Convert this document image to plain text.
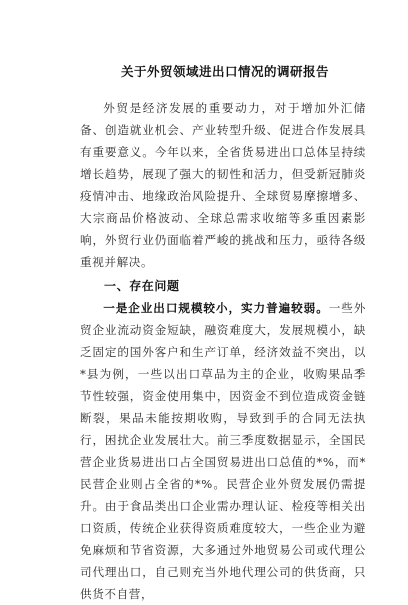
关于外贸领域进出口情况的调研报告

外贸是经济发展的重要动力，对于增加外汇储备、创造就业机会、产业转型升级、促进合作发展具有重要意义。今年以来，全省货易进出口总体呈持续增长趋势，展现了强大的韧性和活力，但受新冠肺炎疫情冲击、地缘政治风险提升、全球贸易摩擦增多、大宗商品价格波动、全球总需求收缩等多重因素影响，外贸行业仍面临着严峻的挑战和压力，亟待各级重视并解决。

一、存在问题

一是企业出口规模较小，实力普遍较弱。一些外贸企业流动资金短缺，融资难度大，发展规模小，缺乏固定的国外客户和生产订单，经济效益不突出，以*县为例，一些以出口草品为主的企业，收购果品季节性较强，资金使用集中，因资金不到位造成资金链断裂，果品未能按期收购，导致到手的合同无法执行，困扰企业发展壮大。前三季度数据显示，全国民营企业货易进出口占全国贸易进出口总值的*%，而*民营企业则占全省的*%。民营企业外贸发展仍需提升。由于食品类出口企业需办理认证、检疫等相关出口资质，传统企业获得资质难度较大，一些企业为避免麻烦和节省资源，大多通过外地贸易公司或代理公司代理出口，自己则充当外地代理公司的供货商，只供货不自营，
